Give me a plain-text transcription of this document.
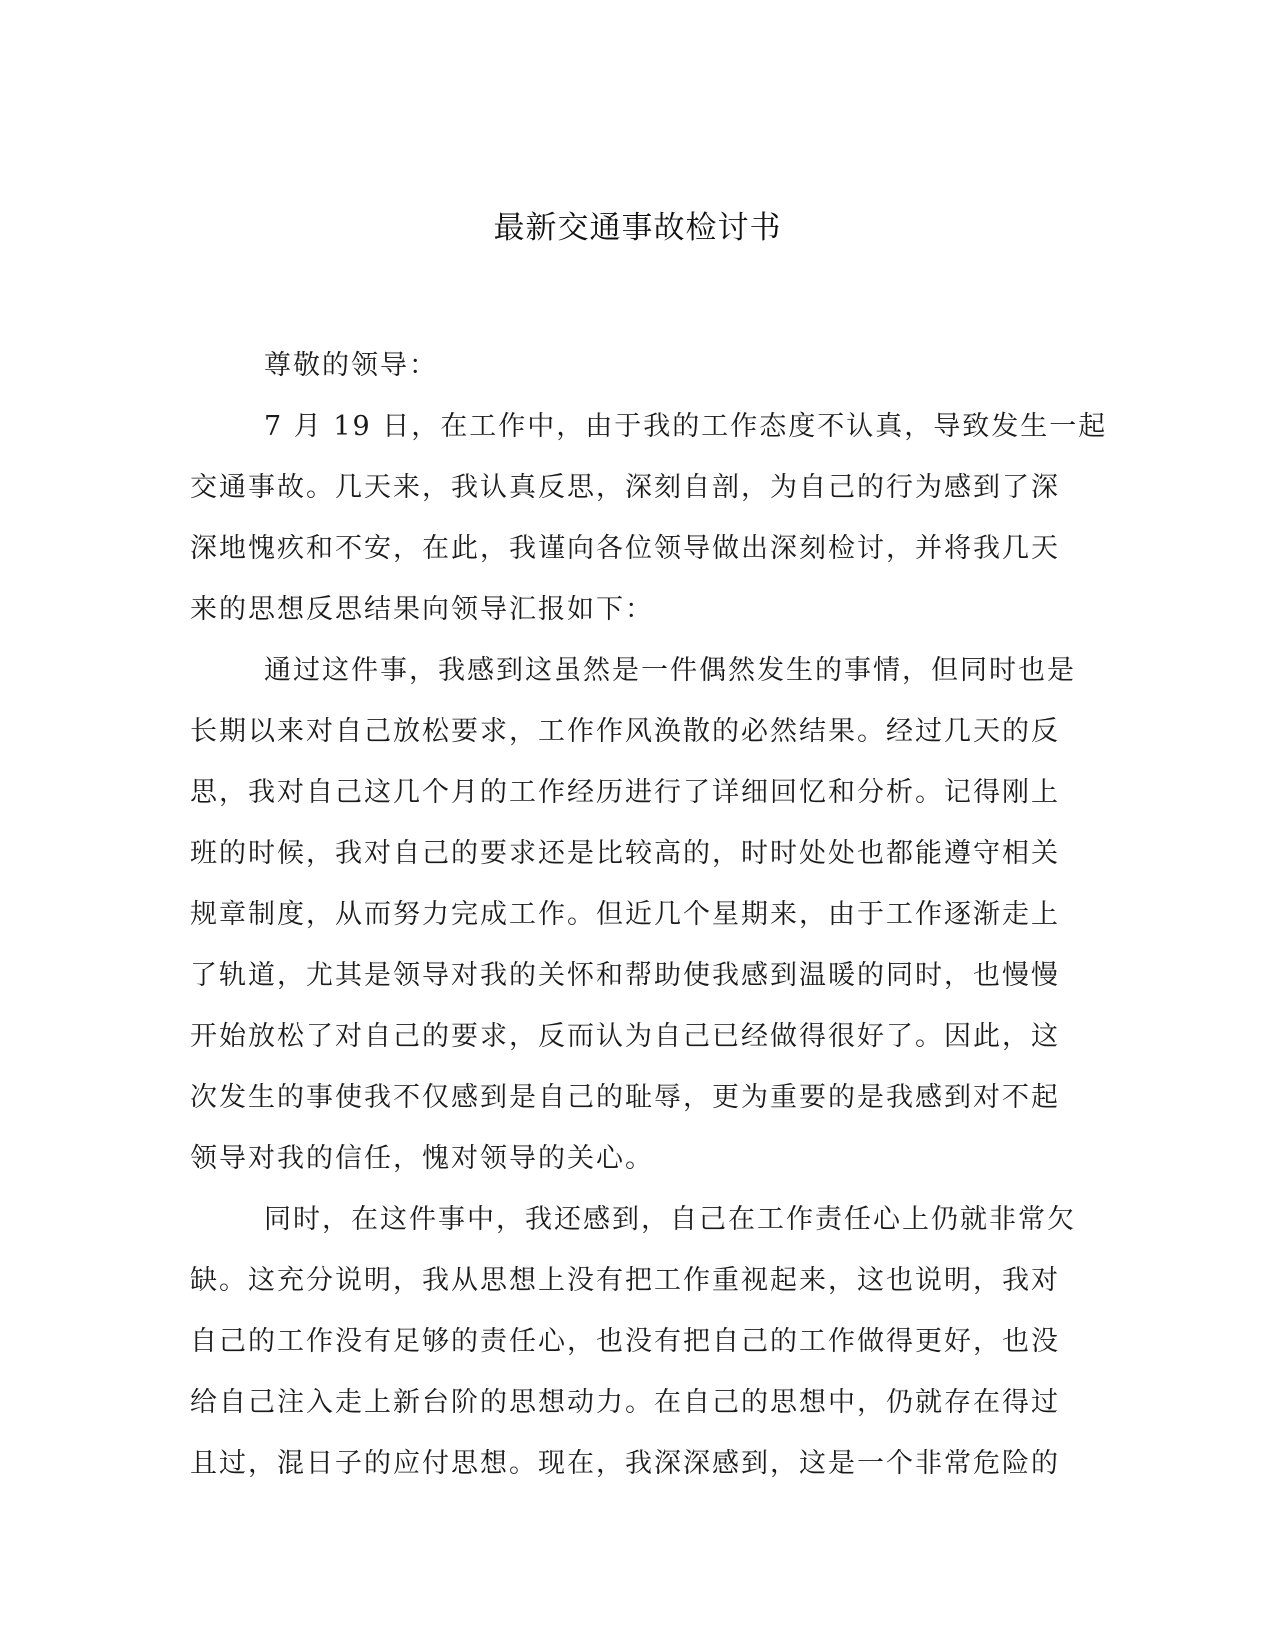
最新交通事故检讨书
尊敬的领导：
7 月 19 日，在工作中，由于我的工作态度不认真，导致发生一起
交通事故。几天来，我认真反思，深刻自剖，为自己的行为感到了深
深地愧疚和不安，在此，我谨向各位领导做出深刻检讨，并将我几天
来的思想反思结果向领导汇报如下：
通过这件事，我感到这虽然是一件偶然发生的事情，但同时也是
长期以来对自己放松要求，工作作风涣散的必然结果。经过几天的反
思，我对自己这几个月的工作经历进行了详细回忆和分析。记得刚上
班的时候，我对自己的要求还是比较高的，时时处处也都能遵守相关
规章制度，从而努力完成工作。但近几个星期来，由于工作逐渐走上
了轨道，尤其是领导对我的关怀和帮助使我感到温暖的同时，也慢慢
开始放松了对自己的要求，反而认为自己已经做得很好了。因此，这
次发生的事使我不仅感到是自己的耻辱，更为重要的是我感到对不起
领导对我的信任，愧对领导的关心。
同时，在这件事中，我还感到，自己在工作责任心上仍就非常欠
缺。这充分说明，我从思想上没有把工作重视起来，这也说明，我对
自己的工作没有足够的责任心，也没有把自己的工作做得更好，也没
给自己注入走上新台阶的思想动力。在自己的思想中，仍就存在得过
且过，混日子的应付思想。现在，我深深感到，这是一个非常危险的
